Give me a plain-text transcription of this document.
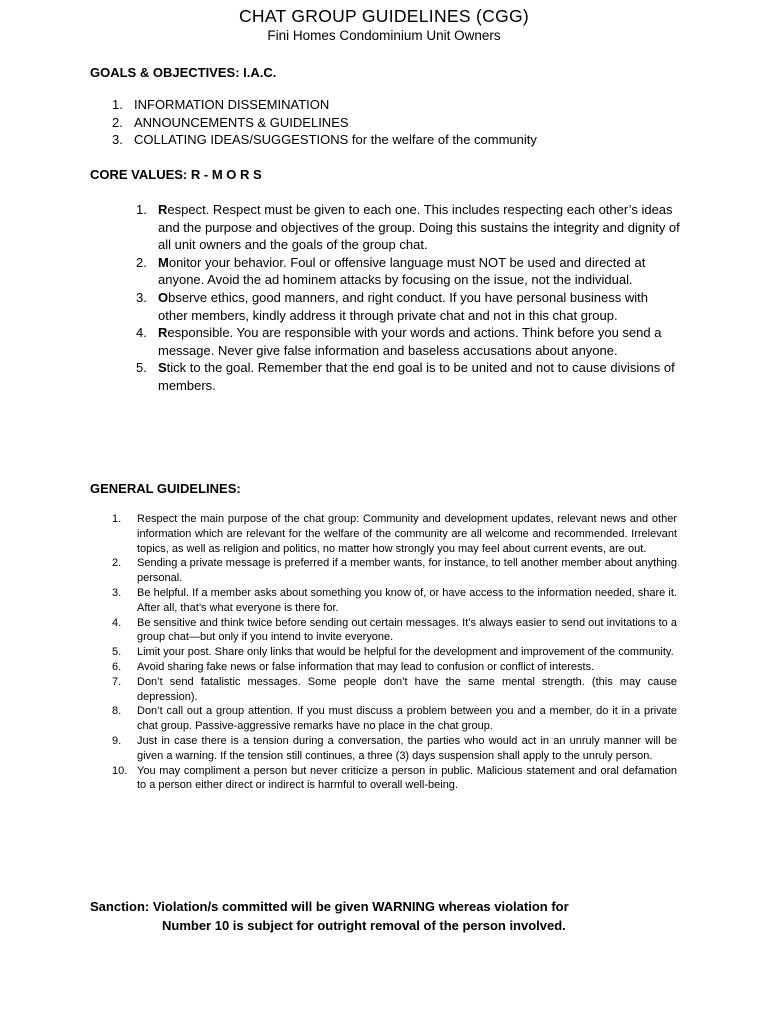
CHAT GROUP GUIDELINES (CGG)
Fini Homes Condominium Unit Owners
GOALS & OBJECTIVES: I.A.C.
1. INFORMATION DISSEMINATION
2. ANNOUNCEMENTS & GUIDELINES
3. COLLATING IDEAS/SUGGESTIONS for the welfare of the community
CORE VALUES: R - M O R S
1. Respect. Respect must be given to each one. This includes respecting each other’s ideas and the purpose and objectives of the group. Doing this sustains the integrity and dignity of all unit owners and the goals of the group chat.
2. Monitor your behavior. Foul or offensive language must NOT be used and directed at anyone. Avoid the ad hominem attacks by focusing on the issue, not the individual.
3. Observe ethics, good manners, and right conduct. If you have personal business with other members, kindly address it through private chat and not in this chat group.
4. Responsible. You are responsible with your words and actions. Think before you send a message. Never give false information and baseless accusations about anyone.
5. Stick to the goal. Remember that the end goal is to be united and not to cause divisions of members.
GENERAL GUIDELINES:
1. Respect the main purpose of the chat group: Community and development updates, relevant news and other information which are relevant for the welfare of the community are all welcome and recommended. Irrelevant topics, as well as religion and politics, no matter how strongly you may feel about current events, are out.
2. Sending a private message is preferred if a member wants, for instance, to tell another member about anything personal.
3. Be helpful. If a member asks about something you know of, or have access to the information needed, share it. After all, that’s what everyone is there for.
4. Be sensitive and think twice before sending out certain messages. It’s always easier to send out invitations to a group chat—but only if you intend to invite everyone.
5. Limit your post. Share only links that would be helpful for the development and improvement of the community.
6. Avoid sharing fake news or false information that may lead to confusion or conflict of interests.
7. Don’t send fatalistic messages. Some people don’t have the same mental strength. (this may cause depression).
8. Don’t call out a group attention. If you must discuss a problem between you and a member, do it in a private chat group. Passive-aggressive remarks have no place in the chat group.
9. Just in case there is a tension during a conversation, the parties who would act in an unruly manner will be given a warning. If the tension still continues, a three (3) days suspension shall apply to the unruly person.
10. You may compliment a person but never criticize a person in public. Malicious statement and oral defamation to a person either direct or indirect is harmful to overall well-being.
Sanction: Violation/s committed will be given WARNING whereas violation for
Number 10 is subject for outright removal of the person involved.
